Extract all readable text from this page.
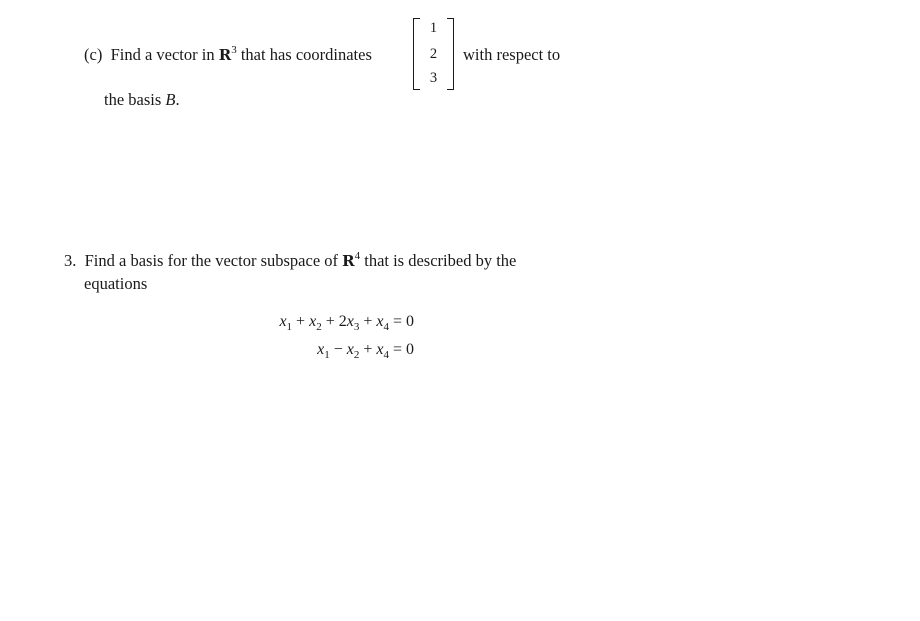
(c) Find a vector in $R^3$ that has coordinates
1
2
3
with respect to
the basis B.
3. Find a basis for the vector subspace of $R^4$ that is described by the
equations
$x_1 + x_2 + 2x_3 + x_4 = 0$
$x_1 - x_2 + x_4 = 0$
